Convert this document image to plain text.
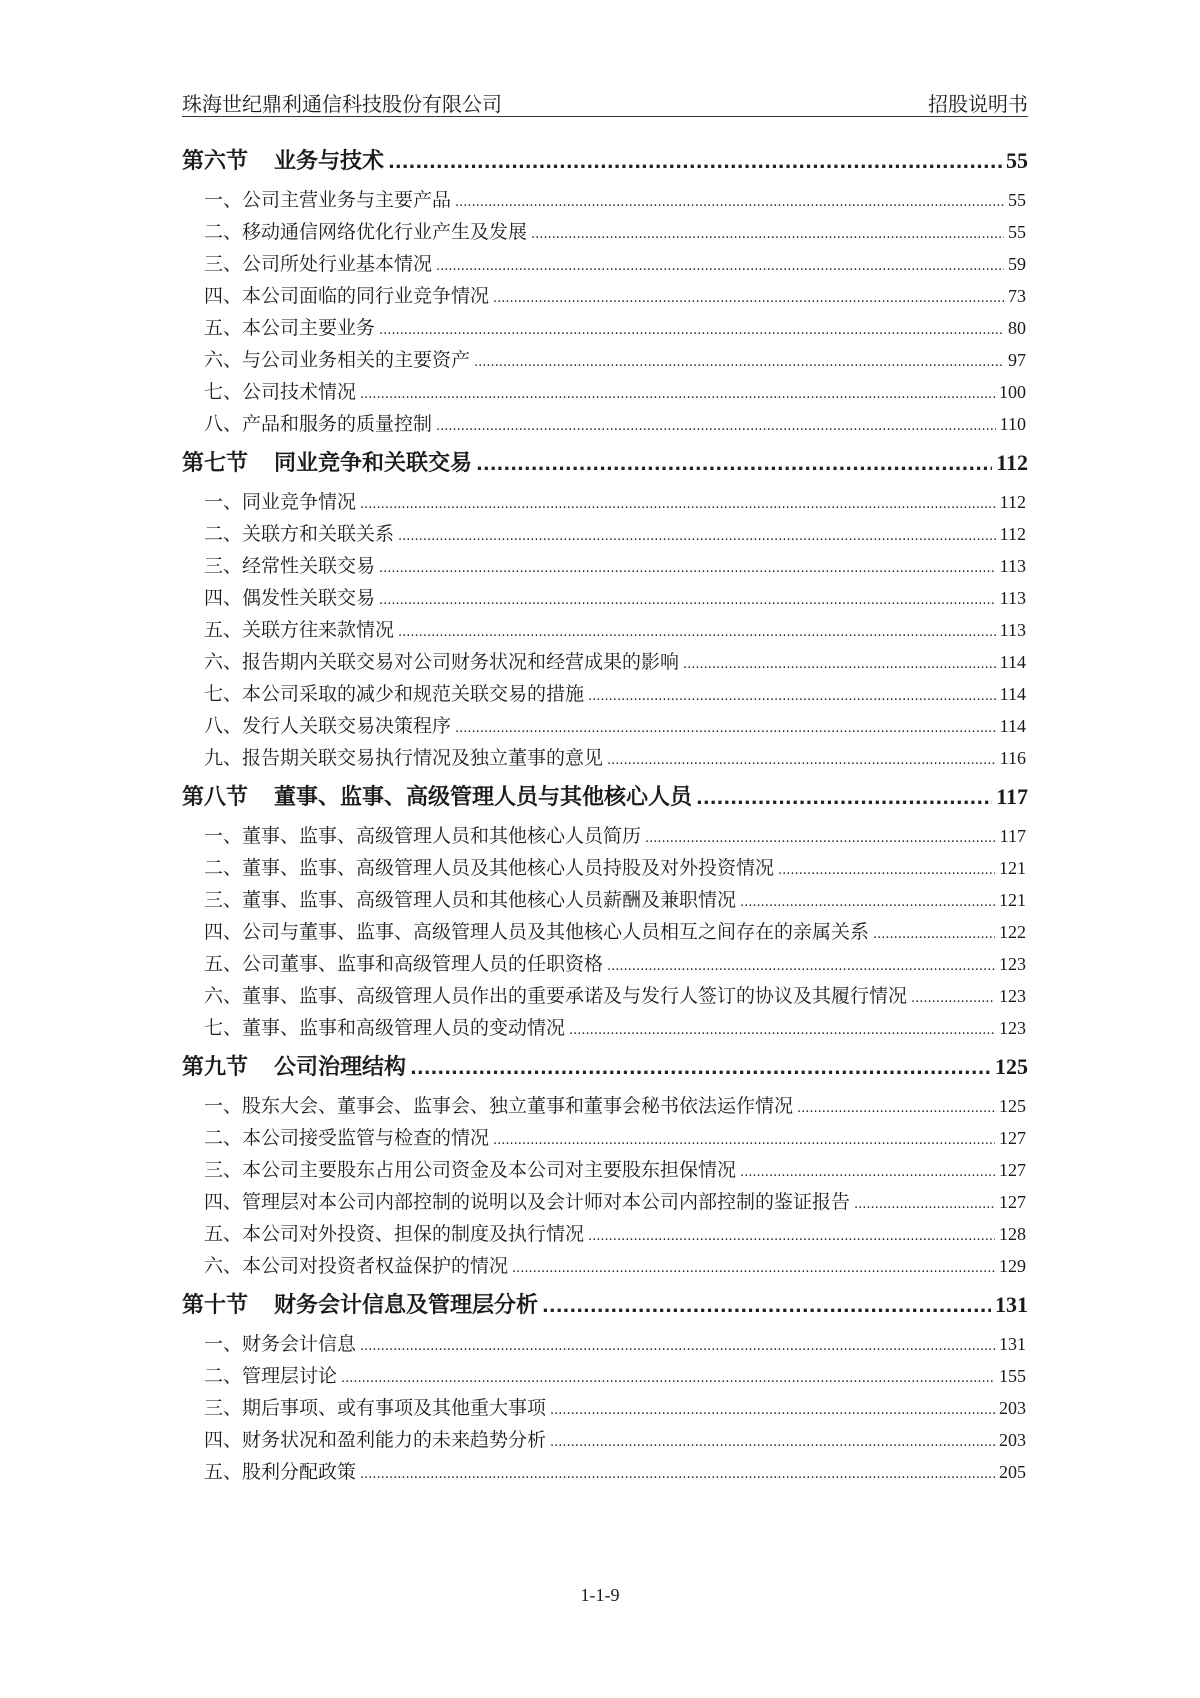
珠海世纪鼎利通信科技股份有限公司	招股说明书
第六节 业务与技术 .....	55
一、公司主营业务与主要产品 .....	55
二、移动通信网络优化行业产生及发展 .....	55
三、公司所处行业基本情况 .....	59
四、本公司面临的同行业竞争情况 .....	73
五、本公司主要业务 .....	80
六、与公司业务相关的主要资产 .....	97
七、公司技术情况 .....	100
八、产品和服务的质量控制 .....	110
第七节 同业竞争和关联交易 .....	112
一、同业竞争情况 .....	112
二、关联方和关联关系 .....	112
三、经常性关联交易 .....	113
四、偶发性关联交易 .....	113
五、关联方往来款情况 .....	113
六、报告期内关联交易对公司财务状况和经营成果的影响 .....	114
七、本公司采取的减少和规范关联交易的措施 .....	114
八、发行人关联交易决策程序 .....	114
九、报告期关联交易执行情况及独立董事的意见 .....	116
第八节 董事、监事、高级管理人员与其他核心人员 .....	117
一、董事、监事、高级管理人员和其他核心人员简历 .....	117
二、董事、监事、高级管理人员及其他核心人员持股及对外投资情况 .....	121
三、董事、监事、高级管理人员和其他核心人员薪酬及兼职情况 .....	121
四、公司与董事、监事、高级管理人员及其他核心人员相互之间存在的亲属关系 .....	122
五、公司董事、监事和高级管理人员的任职资格 .....	123
六、董事、监事、高级管理人员作出的重要承诺及与发行人签订的协议及其履行情况 .....	123
七、董事、监事和高级管理人员的变动情况 .....	123
第九节 公司治理结构 .....	125
一、股东大会、董事会、监事会、独立董事和董事会秘书依法运作情况 .....	125
二、本公司接受监管与检查的情况 .....	127
三、本公司主要股东占用公司资金及本公司对主要股东担保情况 .....	127
四、管理层对本公司内部控制的说明以及会计师对本公司内部控制的鉴证报告 .....	127
五、本公司对外投资、担保的制度及执行情况 .....	128
六、本公司对投资者权益保护的情况 .....	129
第十节 财务会计信息及管理层分析 .....	131
一、财务会计信息 .....	131
二、管理层讨论 .....	155
三、期后事项、或有事项及其他重大事项 .....	203
四、财务状况和盈利能力的未来趋势分析 .....	203
五、股利分配政策 .....	205
1-1-9
